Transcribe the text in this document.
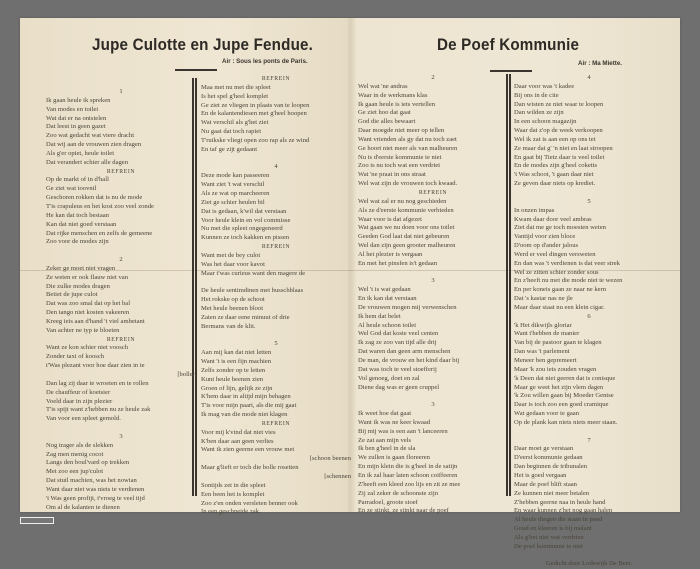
Jupe Culotte en Jupe Fendue.
Air : Sous les ponts de Paris.
De Poef Kommunie
Air : Ma Miette.
1
Ik gaan heule ik spreken
Van modes en toilet
Wat dat er na ontstelen
Dat leest in geen gazet
Zoo wat gedacht wat viere dracht
Dat wij aan de vrouwen zien dragen
Als g'er opiet, heule toilet
Dat verandert schier alle dagen
REFREIN
Op de markt of in d'hall
Ge ziet wat toovnil
Geschoren rokken dat is nu de mode
T'is crapuleus en het kost zoo veel zonde
He kan dat toch bestaan
Kan dat niet goed verstaan
Dat rijke menschen en zelfs de gemeene
Zoo voor de modes zijn
2
Zeker ge moet niet vragen
Ze weten er ook flauw niet van
Die zulke modes dragen
Betiet de jupe culot
Dat was zoo smal dat op het bal
Den tango niet kosten vakeeren
Kreeg ieis aan d'hand 't viel ambetant
Van achter ne typ te bloeten
REFREIN
Want ze kon schier niet voosch
Zonder taxi of koosch
t'Was plezant voor hoe daar zien in te
[bollen
Dan lag zij daar te wroeten en te rollen
De chauffeur of koetsier
Voeld daar in zijn plezier
T'is spijt want z'hebben nu ze heule zak
Van voor een spleet gemold.
3
Nog trager als de slekken
Zag men menig cocot
Langs den boul'vard op trekken
Met zoo een jup'culot
Dat stuil machien, was het nowian
Want daar niet was niets te verdienen
't Was geen profijt, t'vroeg te veel tijd
Om al de kalanten te dienen
REFREIN
Maa met nu met die spleet
Is het spel g'heel komplet
Ge ziet ze vliegen in plaats van te loopen
En de kalantendiesen met g'heel hoopen
Wat verschil als g'het ziet
Nu gaat dat toch rapiet
T'ruikske vliegt open zoo rap als ze wind
En taf ge zijt gedaant
4
Deze mode kan passeeren
Want ziet 't wat verschil
Als ze wat op marcheeren
Ziet ge schier heulen bil
Dat is gedaan, k'wil dat verstaan
Voor heule klein en vol commisse
Nu met die spleet ongegeneerd
Kunnen ze toch kakken en pissen
REFREIN
Want met de bey culot
Was het daar voor kavot
Maar t'was curieus want den magere de
De heule sentimdinen met busschblaas
Het rokske op de schoot
Met heule beenen bloot
Zaten ze daar eene minuut of drie
Bermans van de klit.
5
Aan mij kan dat niet letten
Want 't is een fijn machien
Zelfs zonder op te letten
Kunt heule beenen zien
Groen of lijn, gelijk ze zijn
K'hem daar in altijd mijn behagen
T'is voor mijn paart, als die mij gaat
Ik mag van die mode niet klagen
REFREIN
Voor mij k'vind dat niet vies
K'ben daar aan geen verlies
Want ik zien geerne een vrouw met
[schoon beenen
Maar g'lieft er toch die bolle rosetten
[schennen
Sontijds zet in die spleet
Een been het is komplet
Zoo z'en onden versleten benner ook
In een geschneide zak.
2
Wel wat 'ne andras
Waar in de werkmans klas
Ik gaan heule is iets vertellen
Ge ziet hoo dat gaat
God die alles bewaart
Daar moegde niet meer op tellen
Want vrienden als gy dat nu toch zaet
Ge hoort niet meer als van malheuren
Nu is d'eerste kommunie te niet
Zoo is nu toch wat een verdriet
Wat 'ne praat in ons straat
Wel wat zijn de vrouwen toch kwaad.
REFREIN
Wel wat zal er nu nog geschieden
Als ze d'eerste kommunie verbieden
Waar voor is dat afgezet
Wat gaan we nu doen voor ons toilet
Geeden God laat dat niet gebeuren
Wel dan zijn geen grooter malheuren
Al het plezier is vergaan
En met het pinsfen is't gedaan
3
Wel 't is wat gedaan
En ik kan dat verstaan
De vrouwen mogen mij verwenschen
Ik hem dat belet
Al heule schoon toilet
Wel God dat koste veel centen
Ik zag ze zoo van tijd alle drij
Dat waren dan geen arm menschen
De man, de vrouw en het kind daar bij
Dat was toch te veel stoefferij
Vol genoeg, doet en zal
Diene dag was er geen cruppel
3
Ik weet hoe dat gaat
Want ik was ne keer kwaad
Bij mij was is een aan 't lanceeren
Ze zat aan mijn vels
Ik ben g'heel in de sla
We zullen is gaan floreeren
En mijn klein die is g'heel in de satijn
En ik zal haar laten schoon coiffeeren
Z'heeft een kleed zoo lijs en zit ze mee
Zij zal zeker de schoonste zijn
Parradoel, groote stoef
En ze stinkt, ze stinkt naar de poef
4
Daar voor was 't kadee
Bij ons in de cite
Dan wisten ze niet waar te loopen
Dan wilden ze zijn
In een schoon magazijn
Waar dat z'op de week verkoopen
Wel ik zat is aan een op ons tet
Ze maar dat g' 'n niet en laat stroopen
En gaat bij Tietz daar is veel toilet
En de modes zijn g'heel coketts
't Was schoot, 't gaan daar niet
Ze geven daar niets op krediet.
5
In onzen impas
Kwam daar door veel ambras
Ziet dat me ge toch moesten weten
Vantijd voor zien bloce
D'oom op d'ander jalous
Werd er veel dingen versweten
En dan was 't verdienen is dat veer strek
Wel ze zitten schier zonder sous
En z'heeft nu met die mode niet te wezen
En per koneis gaan ze naar ne kern
Dat 's kastar nas ne jle
Maar daar staat nu een klein cigar.
6
'k Het dikwijls gloriar
Want t'hebben de manier
Van bij de pastoor gaan te klagen
Dan was 't parlement
Meneer ben gepremeert
Maar 'k zou iets zouden vragen
'k Deen dat niet geeren dat is conisque
Maar ge weet het zijn vlem dagen
'k Zou willen gaan bij Moeder Gentse
Daar is toch zoo een goed cramique
Wat gedaan voor te gaan
Op de plank kan niets niets meer staan.
7
Daar moet ge verstaan
D'eerst kommunie gedaan
Dan beginnen de tribunalen
Het is goed vergaan
Maar de poef blift staan
Ze kunnen niet meer betalen
Z'hebben geerne naa in heule hand
En waar kunnen z'het nog gaan halen
Al heule dingen die staan in pand
Goud en kleeren is bij malant
Als g'het niet wat verdrien
De poef kommunie te niet
Gedicht door Lodewijk De Beer.
